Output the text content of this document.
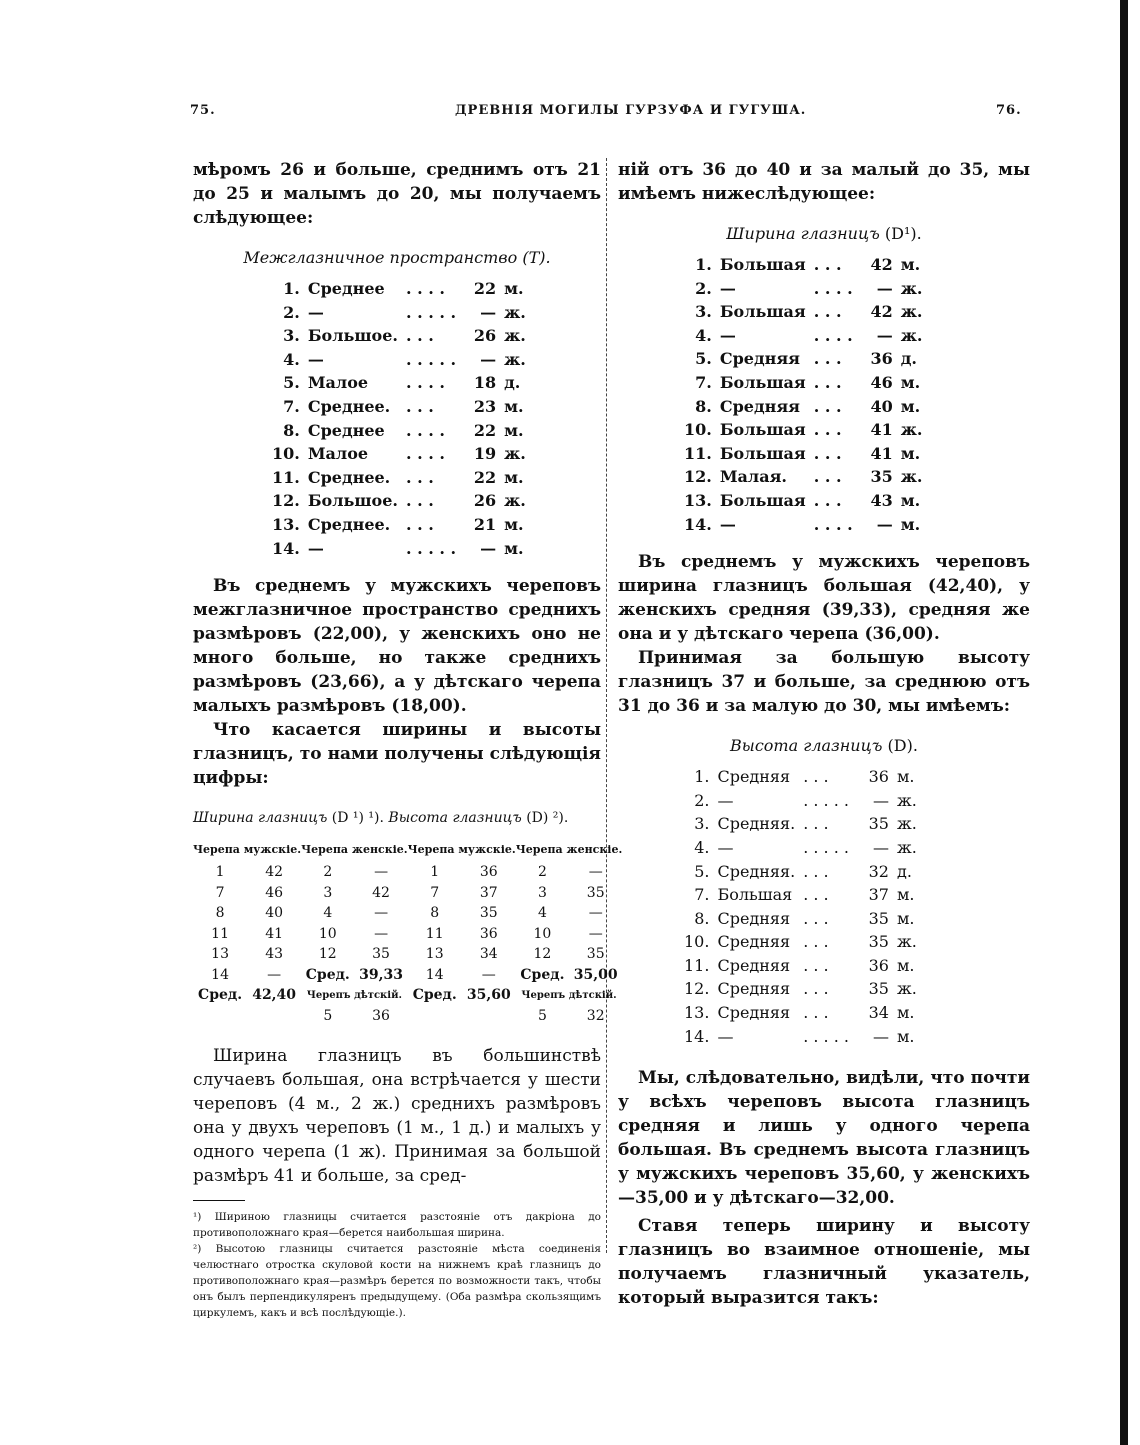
75.	ДРЕВНІЯ МОГИЛЫ ГУРЗУФА И ГУГУША.	76.

мѣромъ 26 и больше, среднимъ отъ 21 до 25 и малымъ до 20, мы получаемъ слѣдующее:

Межглазничное пространство (Т).
1.	Среднее	. . . .	22	м.
2.	—	. . . . .	—	ж.
3.	Большое.	. . .	26	ж.
4.	—	. . . . .	—	ж.
5.	Малое	. . . .	18	д.
7.	Среднее.	. . .	23	м.
8.	Среднее	. . . .	22	м.
10.	Малое	. . . .	19	ж.
11.	Среднее.	. . .	22	м.
12.	Большое.	. . .	26	ж.
13.	Среднее.	. . .	21	м.
14.	—	. . . . .	—	м.

Въ среднемъ у мужскихъ череповъ межглазничное пространство среднихъ размѣровъ (22,00), у женскихъ оно не много больше, но также среднихъ размѣровъ (23,66), а у дѣтскаго черепа малыхъ размѣровъ (18,00).

Что касается ширины и высоты глазницъ, то нами получены слѣдующія цифры:

Ширина глазницъ (D ¹) ¹). Высота глазницъ (D) ²).
Черепа мужскіе.		Черепа женскіе.		Черепа мужскіе.		Черепа женскіе.	
1	42	2	—	1	36	2	—
7	46	3	42	7	37	3	35
8	40	4	—	8	35	4	—
11	41	10	—	11	36	10	—
13	43	12	35	13	34	12	35
14	—	Сред.	39,33	14	—	Сред.	35,00
Сред.	42,40	Черепъ дѣтскій.		Сред.	35,60	Черепъ дѣтскій.	
		5	36			5	32

Ширина глазницъ въ большинствѣ случаевъ большая, она встрѣчается у шести череповъ (4 м., 2 ж.) среднихъ размѣровъ она у двухъ череповъ (1 м., 1 д.) и малыхъ у одного черепа (1 ж). Принимая за большой размѣръ 41 и больше, за сред-

¹) Шириною глазницы считается разстояніе отъ дакріона до противоположнаго края—берется наибольшая ширина.

²) Высотою глазницы считается разстояніе мѣста соединенія челюстнаго отростка скуловой кости на нижнемъ краѣ глазницъ до противоположнаго края—размѣръ берется по возможности такъ, чтобы онъ былъ перпендикуляренъ предыдущему. (Оба размѣра скользящимъ циркулемъ, какъ и всѣ послѣдующіе.).

ній отъ 36 до 40 и за малый до 35, мы имѣемъ нижеслѣдующее:

Ширина глазницъ (D¹).
1.	Большая	. . .	42	м.
2.	—	. . . .	—	ж.
3.	Большая	. . .	42	ж.
4.	—	. . . .	—	ж.
5.	Средняя	. . .	36	д.
7.	Большая	. . .	46	м.
8.	Средняя	. . .	40	м.
10.	Большая	. . .	41	ж.
11.	Большая	. . .	41	м.
12.	Малая.	. . .	35	ж.
13.	Большая	. . .	43	м.
14.	—	. . . .	—	м.

Въ среднемъ у мужскихъ череповъ ширина глазницъ большая (42,40), у женскихъ средняя (39,33), средняя же она и у дѣтскаго черепа (36,00).

Принимая за большую высоту глазницъ 37 и больше, за среднюю отъ 31 до 36 и за малую до 30, мы имѣемъ:

Высота глазницъ (D).
1.	Средняя	. . .	36	м.
2.	—	. . . . .	—	ж.
3.	Средняя.	. . .	35	ж.
4.	—	. . . . .	—	ж.
5.	Средняя.	. . .	32	д.
7.	Большая	. . .	37	м.
8.	Средняя	. . .	35	м.
10.	Средняя	. . .	35	ж.
11.	Средняя	. . .	36	м.
12.	Средняя	. . .	35	ж.
13.	Средняя	. . .	34	м.
14.	—	. . . . .	—	м.

Мы, слѣдовательно, видѣли, что почти у всѣхъ череповъ высота глазницъ средняя и лишь у одного черепа большая. Въ среднемъ высота глазницъ у мужскихъ череповъ 35,60, у женскихъ—35,00 и у дѣтскаго—32,00.

Ставя теперь ширину и высоту глазницъ во взаимное отношеніе, мы получаемъ глазничный указатель, который выразится такъ:
